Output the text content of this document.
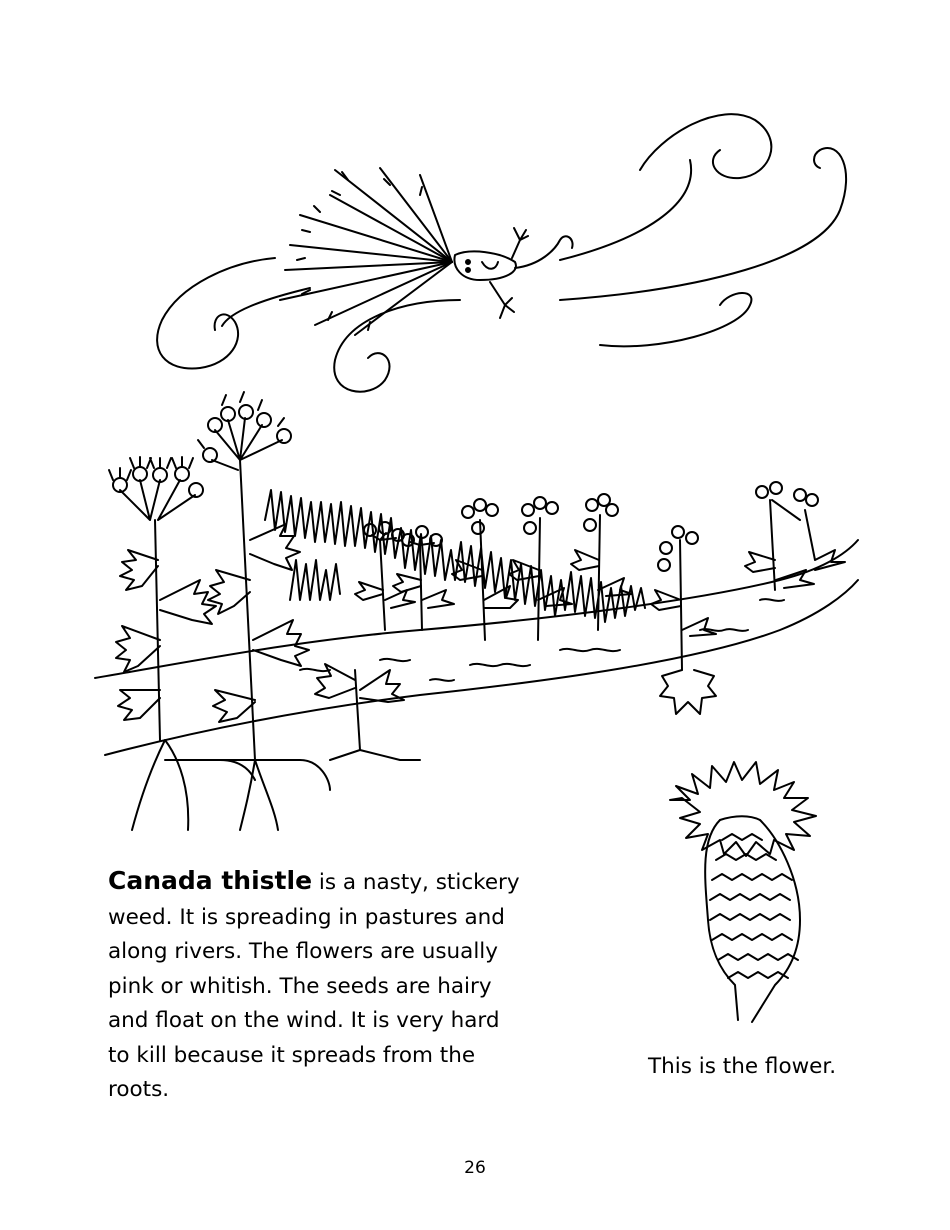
Canada thistle is a nasty, stickery
weed. It is spreading in pastures and
along rivers. The flowers are usually
pink or whitish. The seeds are hairy
and float on the wind. It is very hard
to kill because it spreads from the
roots.
This is the flower.
26
